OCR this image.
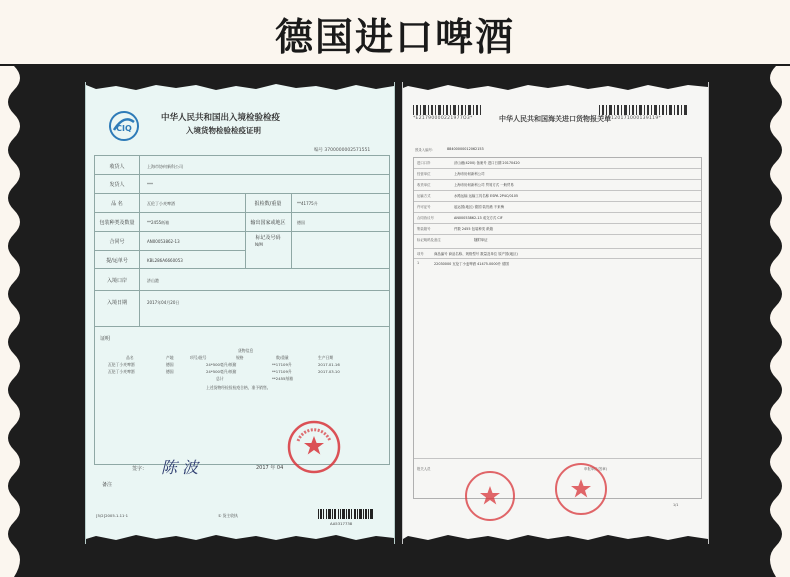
德国进口啤酒
CIQ
中华人民共和国出入境检验检疫
入境货物检验检疫证明
编号 3700000002571551
收货人	上海市协何新科公司
发货人	***
品 名	瓦伦丁小麦啤酒	报检数/重量	**41775升
包装种类及数量	**2455纸箱	输出国家或地区	德国
合同号	AN00053862-13
标记及号码
N/M
提/运单号	KBL286A6660053
入境口岸	济山港
入境日期	2017年04月20日
证明
货物信息
品名	产地	项号/批号	规格	数/重量	生产日期
瓦伦丁小麦啤酒	德国	24*500毫升/纸箱	**17109升	2017.01.16
瓦伦丁小麦啤酒	德国	24*500毫升/纸箱	**17109升	2017.03.10
总计	**2455纸箱
上述货物经检验检疫合格，准予销售。
签字： 陈 波	2017 年 04
备注
[5/2]2005.1.11·1	① 货主收执
AA5317738
*E21790000221977O3*	*220120171000139119*
中华人民共和国海关进口货物报关单
预录入编号：	88400000012062153
进口口岸	济山港(4200) 备案号 进口日期 20170420
经营单位	上海市协何新科公司
收货单位	上海市协何新科公司 贸易方式 一般贸易
运输方式	水路运输 运输工具名称 ESPA 2P4C/0105
许可证号	起运国(地区) 德国 装货港 不来梅
合同协议号	AN00053862-13 成交方式 CIF
集装箱号	件数 2455 包装种类 纸箱
标记唛码及备注	随附单证
项号	商品编号 商品名称、规格型号 数量及单位 原产国(地区)
1	22030000 瓦伦丁小麦啤酒 41475.0000升 德国
报关人员	申报单位(签章)
1/1
